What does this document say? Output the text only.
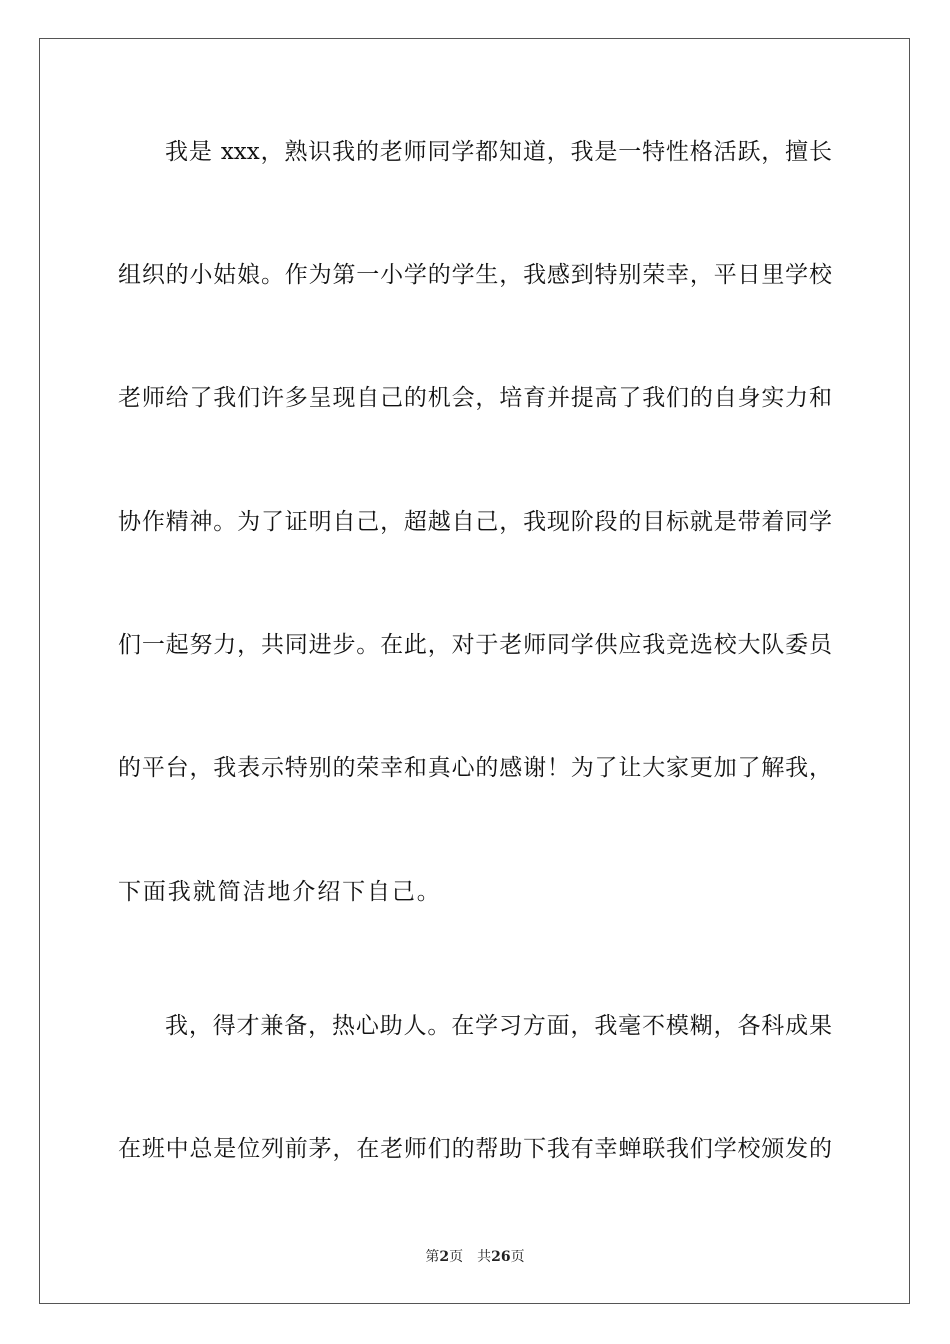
我是 xxx，熟识我的老师同学都知道，我是一特性格活跃，擅长
组织的小姑娘。作为第一小学的学生，我感到特别荣幸，平日里学校
老师给了我们许多呈现自己的机会，培育并提高了我们的自身实力和
协作精神。为了证明自己，超越自己，我现阶段的目标就是带着同学
们一起努力，共同进步。在此，对于老师同学供应我竞选校大队委员
的平台，我表示特别的荣幸和真心的感谢！为了让大家更加了解我，
下面我就简洁地介绍下自己。
我，得才兼备，热心助人。在学习方面，我毫不模糊，各科成果
在班中总是位列前茅，在老师们的帮助下我有幸蝉联我们学校颁发的
第2页 共26页
